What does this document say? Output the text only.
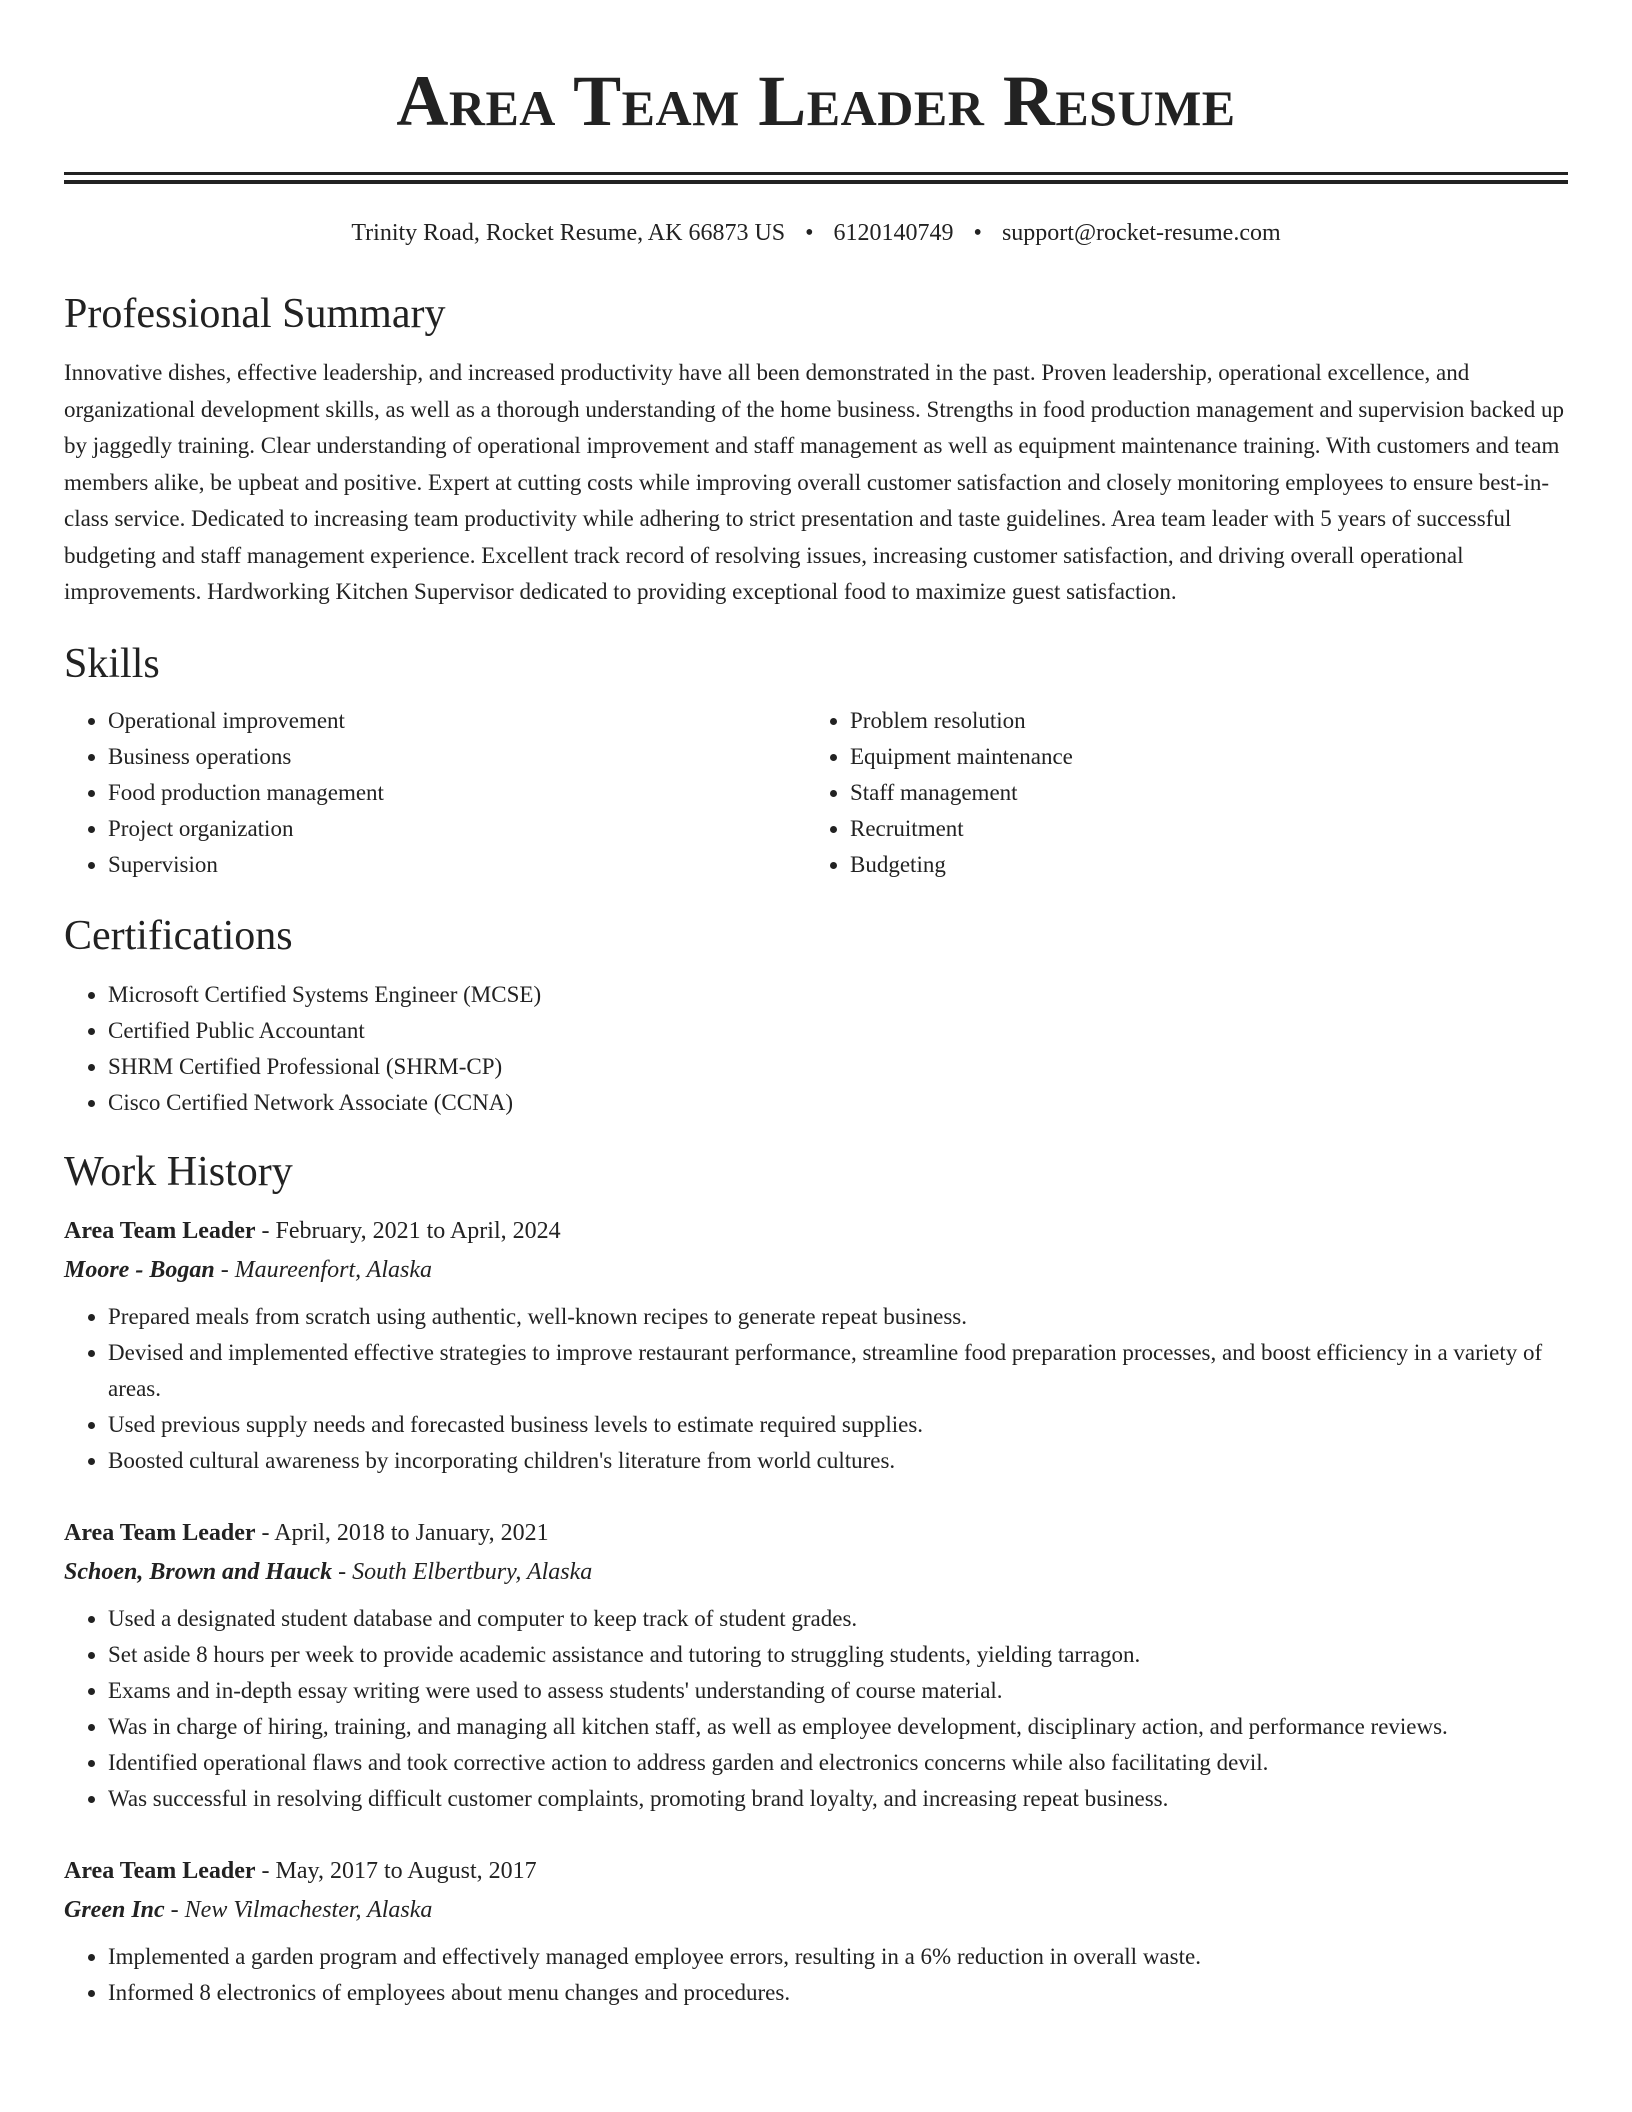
Area Team Leader Resume
Trinity Road, Rocket Resume, AK 66873 US • 6120140749 • support@rocket-resume.com
Professional Summary

Innovative dishes, effective leadership, and increased productivity have all been demonstrated in the past. Proven leadership, operational excellence, and organizational development skills, as well as a thorough understanding of the home business. Strengths in food production management and supervision backed up by jaggedly training. Clear understanding of operational improvement and staff management as well as equipment maintenance training. With customers and team members alike, be upbeat and positive. Expert at cutting costs while improving overall customer satisfaction and closely monitoring employees to ensure best-in-class service. Dedicated to increasing team productivity while adhering to strict presentation and taste guidelines. Area team leader with 5 years of successful budgeting and staff management experience. Excellent track record of resolving issues, increasing customer satisfaction, and driving overall operational improvements. Hardworking Kitchen Supervisor dedicated to providing exceptional food to maximize guest satisfaction.

Skills
• Operational improvement
• Business operations
• Food production management
• Project organization
• Supervision
• Problem resolution
• Equipment maintenance
• Staff management
• Recruitment
• Budgeting
Certifications
• Microsoft Certified Systems Engineer (MCSE)
• Certified Public Accountant
• SHRM Certified Professional (SHRM-CP)
• Cisco Certified Network Associate (CCNA)
Work History
Area Team Leader - February, 2021 to April, 2024
Moore - Bogan - Maureenfort, Alaska
• Prepared meals from scratch using authentic, well-known recipes to generate repeat business.
• Devised and implemented effective strategies to improve restaurant performance, streamline food preparation processes, and boost efficiency in a variety of areas.
• Used previous supply needs and forecasted business levels to estimate required supplies.
• Boosted cultural awareness by incorporating children's literature from world cultures.
Area Team Leader - April, 2018 to January, 2021
Schoen, Brown and Hauck - South Elbertbury, Alaska
• Used a designated student database and computer to keep track of student grades.
• Set aside 8 hours per week to provide academic assistance and tutoring to struggling students, yielding tarragon.
• Exams and in-depth essay writing were used to assess students' understanding of course material.
• Was in charge of hiring, training, and managing all kitchen staff, as well as employee development, disciplinary action, and performance reviews.
• Identified operational flaws and took corrective action to address garden and electronics concerns while also facilitating devil.
• Was successful in resolving difficult customer complaints, promoting brand loyalty, and increasing repeat business.
Area Team Leader - May, 2017 to August, 2017
Green Inc - New Vilmachester, Alaska
• Implemented a garden program and effectively managed employee errors, resulting in a 6% reduction in overall waste.
• Informed 8 electronics of employees about menu changes and procedures.
